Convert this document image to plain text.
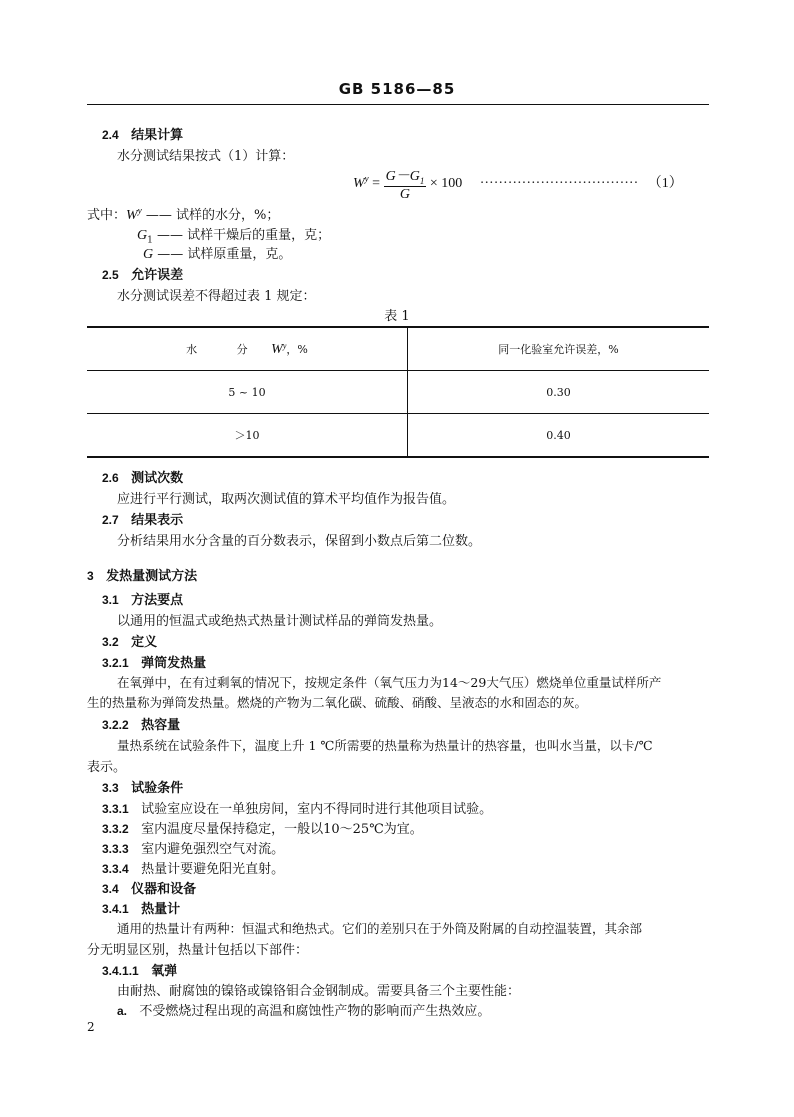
GB 5186—85
2.4 结果计算
水分测试结果按式（1）计算：
$W^y = \frac{G-G_1}{G} \times 100$ ·································· （1）
式中：$W^y$ —— 试样的水分，%；
$G_1$ —— 试样干燥后的重量，克；
G —— 试样原重量，克。
2.5 允许误差
水分测试误差不得超过表 1 规定：
表 1
水 分 $W^y$，%	同一化验室允许误差，%
5 ~ 10	0.30
＞10	0.40
2.6 测试次数
应进行平行测试，取两次测试值的算术平均值作为报告值。
2.7 结果表示
分析结果用水分含量的百分数表示，保留到小数点后第二位数。
3 发热量测试方法
3.1 方法要点
以通用的恒温式或绝热式热量计测试样品的弹筒发热量。
3.2 定义
3.2.1 弹筒发热量
在氧弹中，在有过剩氧的情况下，按规定条件（氧气压力为14～29大气压）燃烧单位重量试样所产
生的热量称为弹筒发热量。燃烧的产物为二氧化碳、硫酸、硝酸、呈液态的水和固态的灰。
3.2.2 热容量
量热系统在试验条件下，温度上升 1 ℃所需要的热量称为热量计的热容量，也叫水当量，以卡/℃
表示。
3.3 试验条件
3.3.1 试验室应设在一单独房间，室内不得同时进行其他项目试验。
3.3.2 室内温度尽量保持稳定，一般以10～25℃为宜。
3.3.3 室内避免强烈空气对流。
3.3.4 热量计要避免阳光直射。
3.4 仪器和设备
3.4.1 热量计
通用的热量计有两种：恒温式和绝热式。它们的差别只在于外筒及附属的自动控温装置，其余部
分无明显区别，热量计包括以下部件：
3.4.1.1 氧弹
由耐热、耐腐蚀的镍铬或镍铬钼合金钢制成。需要具备三个主要性能：
a. 不受燃烧过程出现的高温和腐蚀性产物的影响而产生热效应。
2
